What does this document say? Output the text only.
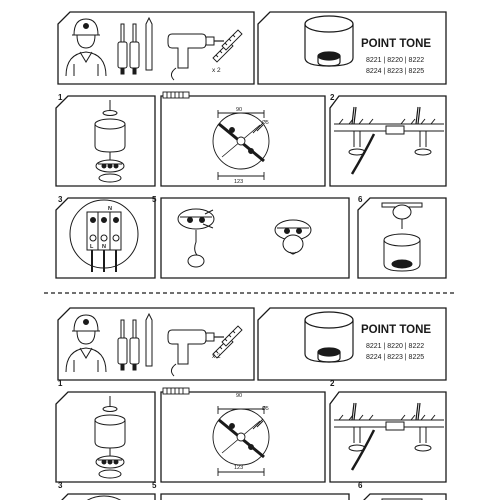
POINT TONE
8221 | 8220 | 8222
8224 | 8223 | 8225
x 2
1	2
3	5	6
90
123
Ø5
N
L N
POINT TONE
8221 | 8220 | 8222
8224 | 8223 | 8225
x 2
1	2
3	5	6
90
123
Ø5
